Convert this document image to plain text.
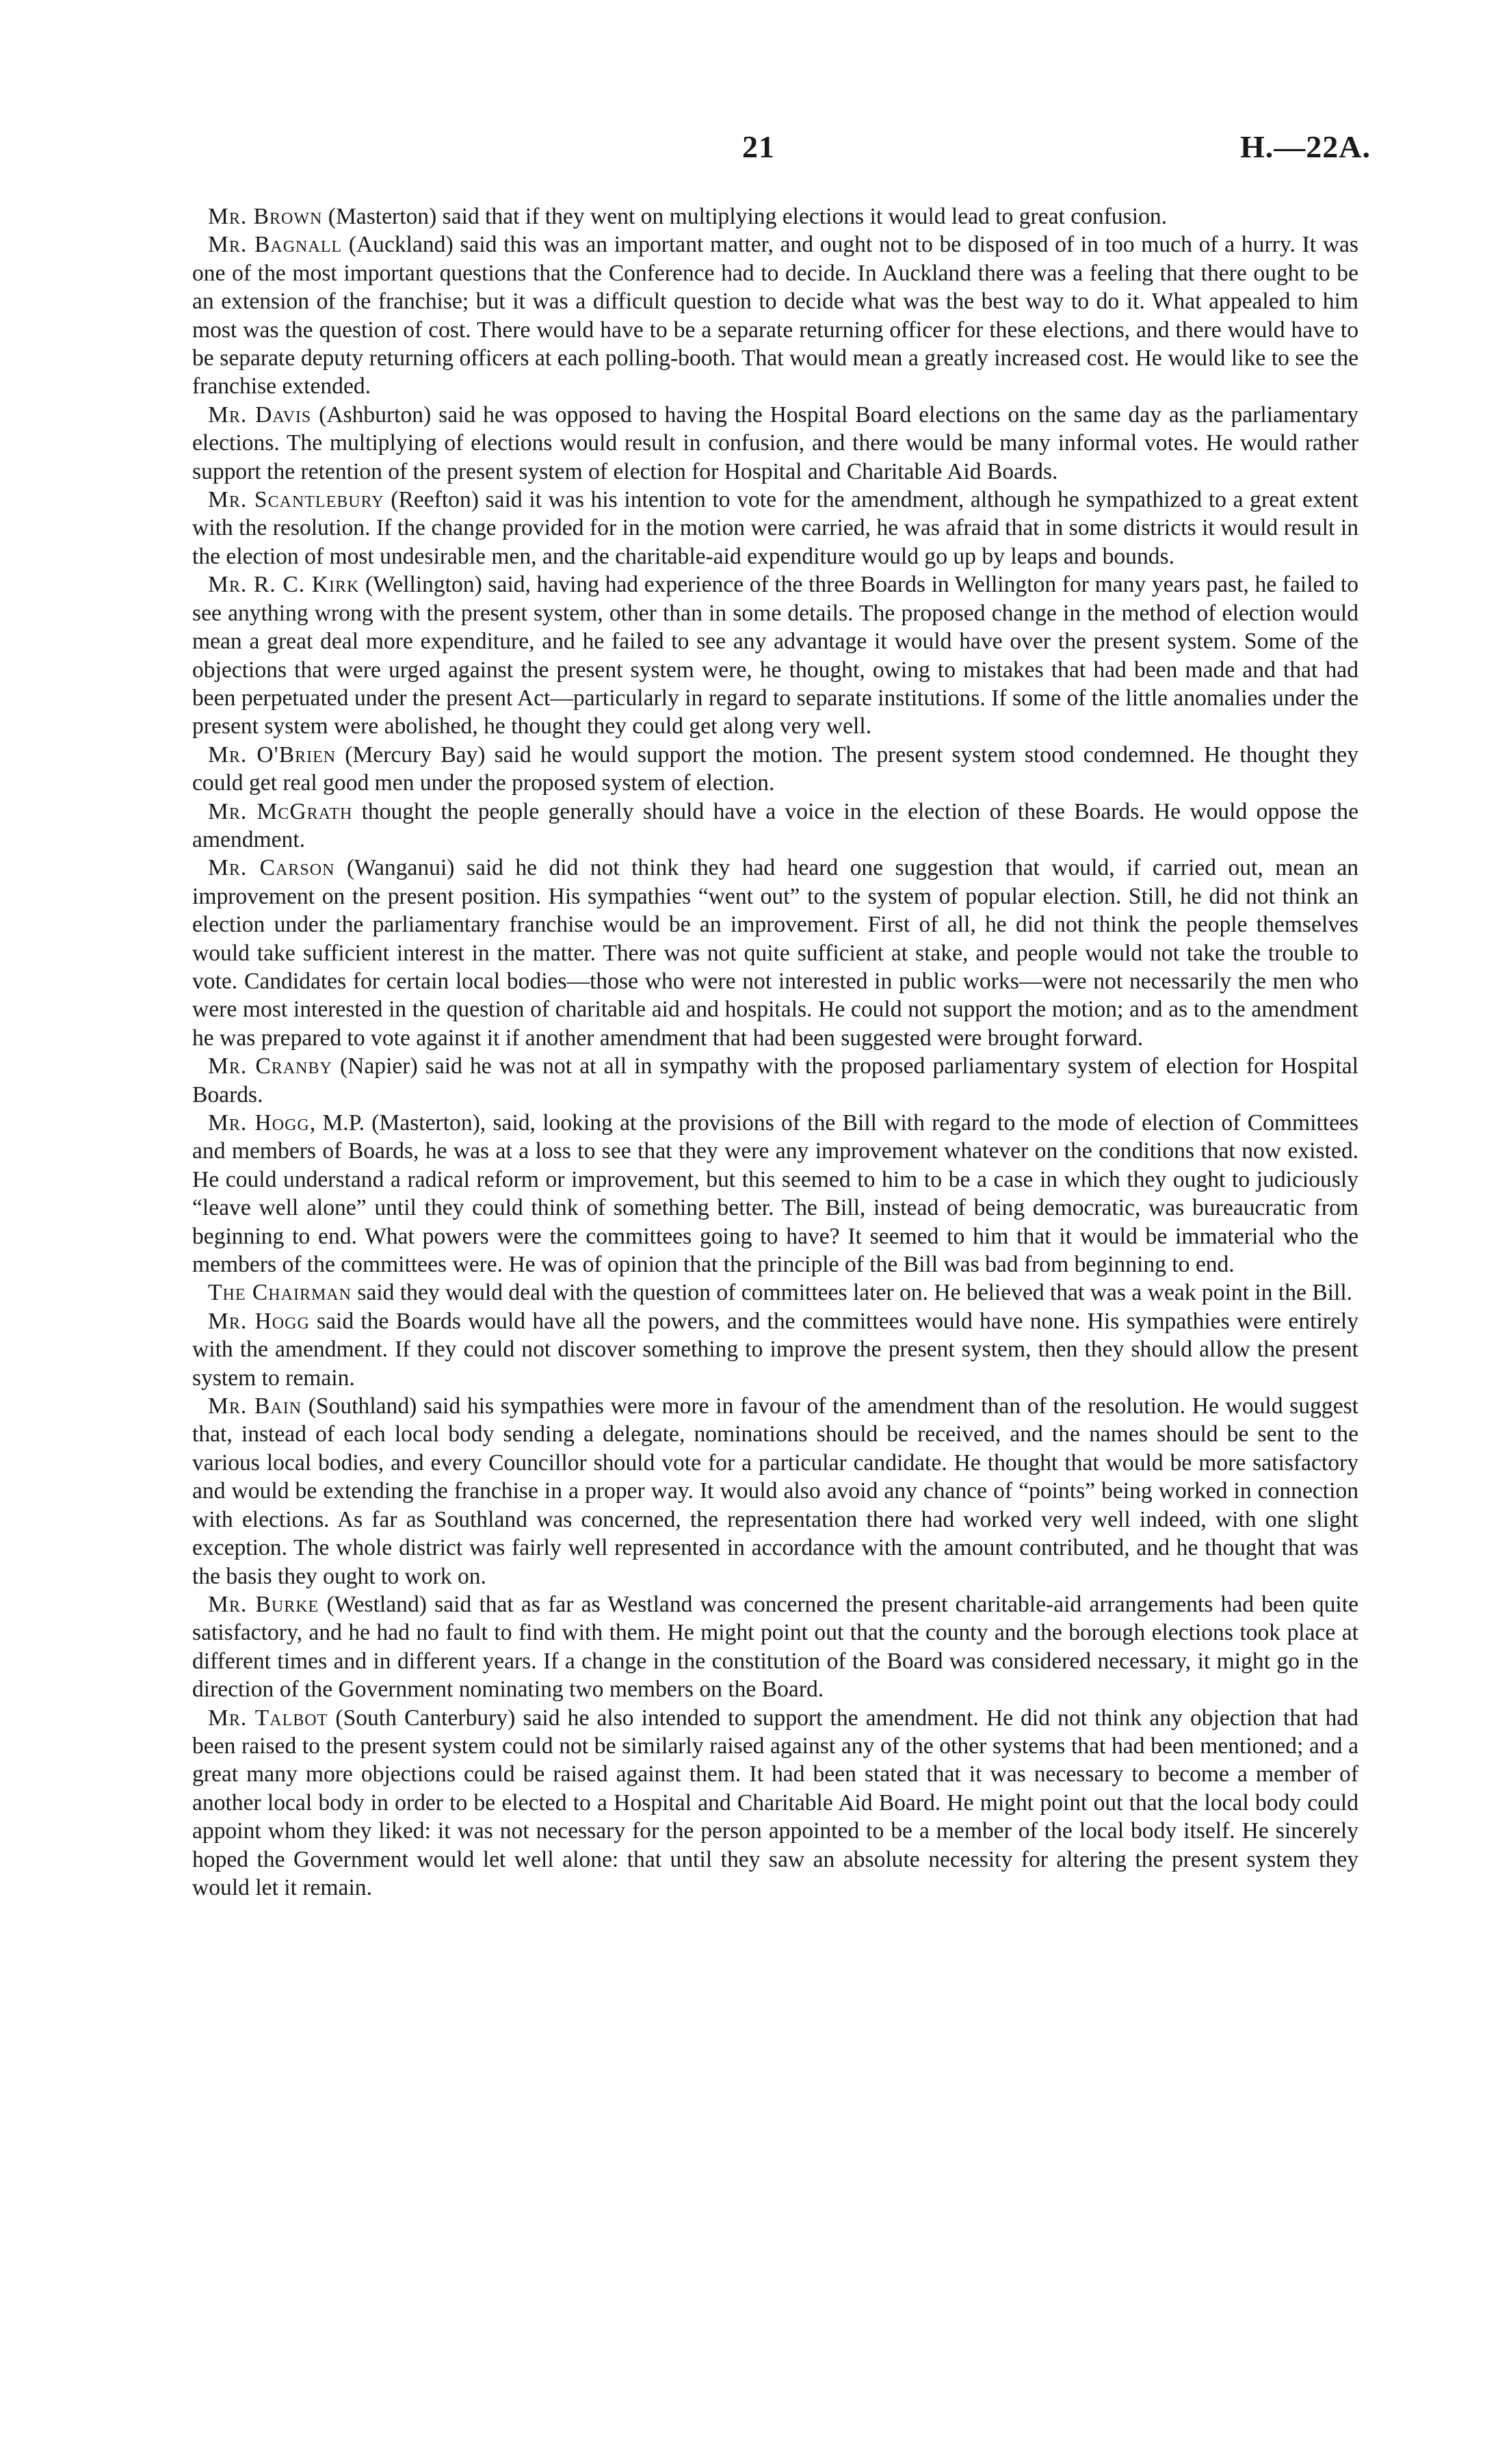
21	H.—22A.

Mr. Brown (Masterton) said that if they went on multiplying elections it would lead to great confusion.

Mr. Bagnall (Auckland) said this was an important matter, and ought not to be disposed of in too much of a hurry. It was one of the most important questions that the Conference had to decide. In Auckland there was a feeling that there ought to be an extension of the franchise; but it was a difficult question to decide what was the best way to do it. What appealed to him most was the question of cost. There would have to be a separate returning officer for these elections, and there would have to be separate deputy returning officers at each polling-booth. That would mean a greatly increased cost. He would like to see the franchise extended.

Mr. Davis (Ashburton) said he was opposed to having the Hospital Board elections on the same day as the parliamentary elections. The multiplying of elections would result in confusion, and there would be many informal votes. He would rather support the retention of the present system of election for Hospital and Charitable Aid Boards.

Mr. Scantlebury (Reefton) said it was his intention to vote for the amendment, although he sympathized to a great extent with the resolution. If the change provided for in the motion were carried, he was afraid that in some districts it would result in the election of most undesirable men, and the charitable-aid expenditure would go up by leaps and bounds.

Mr. R. C. Kirk (Wellington) said, having had experience of the three Boards in Wellington for many years past, he failed to see anything wrong with the present system, other than in some details. The proposed change in the method of election would mean a great deal more expenditure, and he failed to see any advantage it would have over the present system. Some of the objections that were urged against the present system were, he thought, owing to mistakes that had been made and that had been perpetuated under the present Act—particularly in regard to separate institutions. If some of the little anomalies under the present system were abolished, he thought they could get along very well.

Mr. O'Brien (Mercury Bay) said he would support the motion. The present system stood condemned. He thought they could get real good men under the proposed system of election.

Mr. McGrath thought the people generally should have a voice in the election of these Boards. He would oppose the amendment.

Mr. Carson (Wanganui) said he did not think they had heard one suggestion that would, if carried out, mean an improvement on the present position. His sympathies “went out” to the system of popular election. Still, he did not think an election under the parliamentary franchise would be an improvement. First of all, he did not think the people themselves would take sufficient interest in the matter. There was not quite sufficient at stake, and people would not take the trouble to vote. Candidates for certain local bodies—those who were not interested in public works—were not necessarily the men who were most interested in the question of charitable aid and hospitals. He could not support the motion; and as to the amendment he was prepared to vote against it if another amendment that had been suggested were brought forward.

Mr. Cranby (Napier) said he was not at all in sympathy with the proposed parliamentary system of election for Hospital Boards.

Mr. Hogg, M.P. (Masterton), said, looking at the provisions of the Bill with regard to the mode of election of Committees and members of Boards, he was at a loss to see that they were any improvement whatever on the conditions that now existed. He could understand a radical reform or improvement, but this seemed to him to be a case in which they ought to judiciously “leave well alone” until they could think of something better. The Bill, instead of being democratic, was bureaucratic from beginning to end. What powers were the committees going to have? It seemed to him that it would be immaterial who the members of the committees were. He was of opinion that the principle of the Bill was bad from beginning to end.

The Chairman said they would deal with the question of committees later on. He believed that was a weak point in the Bill.

Mr. Hogg said the Boards would have all the powers, and the committees would have none. His sympathies were entirely with the amendment. If they could not discover something to improve the present system, then they should allow the present system to remain.

Mr. Bain (Southland) said his sympathies were more in favour of the amendment than of the resolution. He would suggest that, instead of each local body sending a delegate, nominations should be received, and the names should be sent to the various local bodies, and every Councillor should vote for a particular candidate. He thought that would be more satisfactory and would be extending the franchise in a proper way. It would also avoid any chance of “points” being worked in connection with elections. As far as Southland was concerned, the representation there had worked very well indeed, with one slight exception. The whole district was fairly well represented in accordance with the amount contributed, and he thought that was the basis they ought to work on.

Mr. Burke (Westland) said that as far as Westland was concerned the present charitable-aid arrangements had been quite satisfactory, and he had no fault to find with them. He might point out that the county and the borough elections took place at different times and in different years. If a change in the constitution of the Board was considered necessary, it might go in the direction of the Government nominating two members on the Board.

Mr. Talbot (South Canterbury) said he also intended to support the amendment. He did not think any objection that had been raised to the present system could not be similarly raised against any of the other systems that had been mentioned; and a great many more objections could be raised against them. It had been stated that it was necessary to become a member of another local body in order to be elected to a Hospital and Charitable Aid Board. He might point out that the local body could appoint whom they liked: it was not necessary for the person appointed to be a member of the local body itself. He sincerely hoped the Government would let well alone: that until they saw an absolute necessity for altering the present system they would let it remain.
